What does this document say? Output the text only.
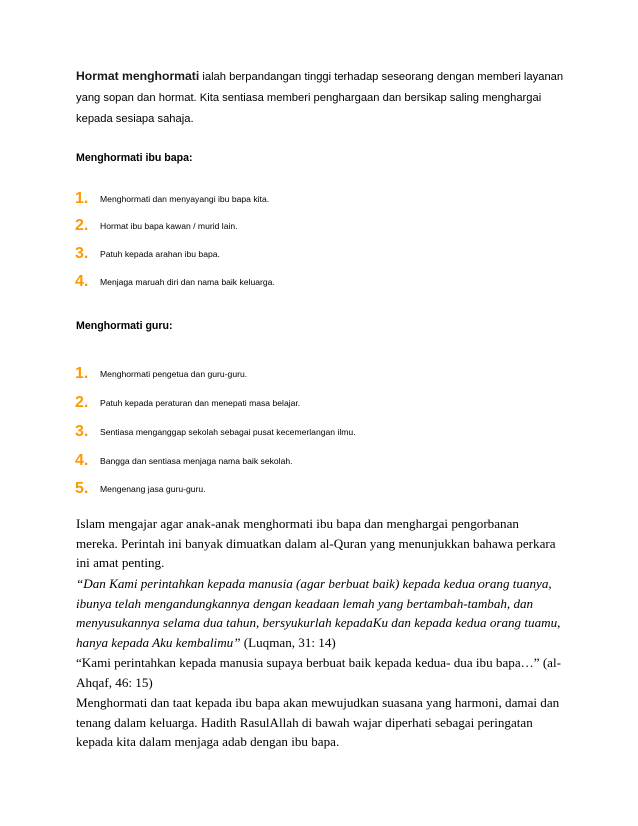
Hormat menghormati ialah berpandangan tinggi terhadap seseorang dengan memberi layanan yang sopan dan hormat. Kita sentiasa memberi penghargaan dan bersikap saling menghargai kepada sesiapa sahaja.

Menghormati ibu bapa:

1. Menghormati dan menyayangi ibu bapa kita.
2. Hormat ibu bapa kawan / murid lain.
3. Patuh kepada arahan ibu bapa.
4. Menjaga maruah diri dan nama baik keluarga.

Menghormati guru:

1. Menghormati pengetua dan guru-guru.
2. Patuh kepada peraturan dan menepati masa belajar.
3. Sentiasa menganggap sekolah sebagai pusat kecemerlangan ilmu.
4. Bangga dan sentiasa menjaga nama baik sekolah.
5. Mengenang jasa guru-guru.

Islam mengajar agar anak-anak menghormati ibu bapa dan menghargai pengorbanan mereka. Perintah ini banyak dimuatkan dalam al-Quran yang menunjukkan bahawa perkara ini amat penting.

“Dan Kami perintahkan kepada manusia (agar berbuat baik) kepada kedua orang tuanya, ibunya telah mengandungkannya dengan keadaan lemah yang bertambah-tambah, dan menyusukannya selama dua tahun, bersyukurlah kepadaKu dan kepada kedua orang tuamu, hanya kepada Aku kembalimu” (Luqman, 31: 14)

“Kami perintahkan kepada manusia supaya berbuat baik kepada kedua- dua ibu bapa…” (al-Ahqaf, 46: 15)

Menghormati dan taat kepada ibu bapa akan mewujudkan suasana yang harmoni, damai dan tenang dalam keluarga. Hadith RasulAllah di bawah wajar diperhati sebagai peringatan kepada kita dalam menjaga adab dengan ibu bapa.
